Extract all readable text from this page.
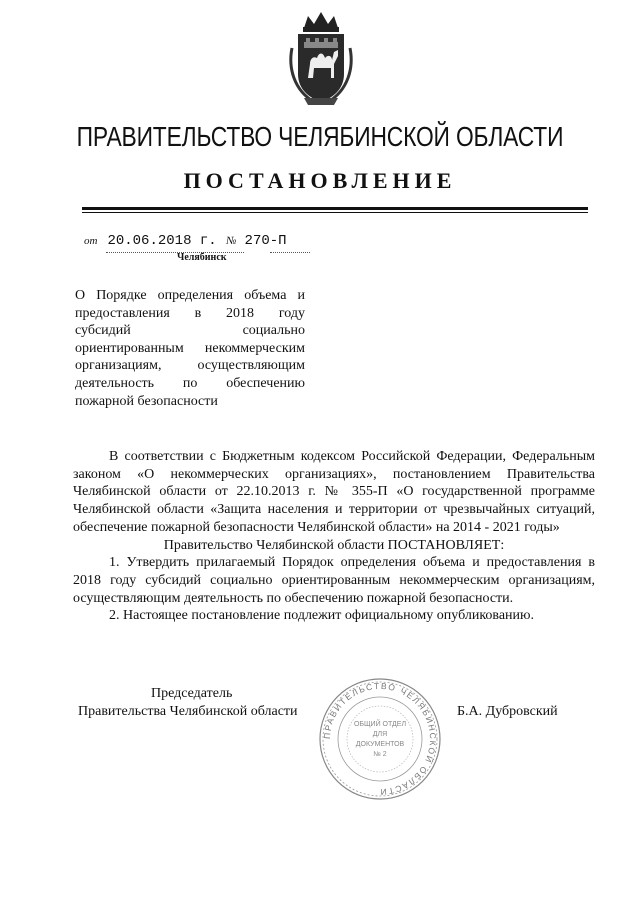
ПРАВИТЕЛЬСТВО ЧЕЛЯБИНСКОЙ ОБЛАСТИ
ПОСТАНОВЛЕНИЕ
от 20.06.2018 г. № 270-П
Челябинск
О Порядке определения объема и
предоставления в 2018 году
субсидий социально
ориентированным некоммерческим
организациям, осуществляющим
деятельность по обеспечению
пожарной безопасности

В соответствии с Бюджетным кодексом Российской Федерации, Федеральным законом «О некоммерческих организациях», постановлением Правительства Челябинской области от 22.10.2013 г. № 355-П «О государственной программе Челябинской области «Защита населения и территории от чрезвычайных ситуаций, обеспечение пожарной безопасности Челябинской области» на 2014 - 2021 годы»

Правительство Челябинской области ПОСТАНОВЛЯЕТ:

1. Утвердить прилагаемый Порядок определения объема и предоставления в 2018 году субсидий социально ориентированным некоммерческим организациям, осуществляющим деятельность по обеспечению пожарной безопасности.

2. Настоящее постановление подлежит официальному опубликованию.

Председатель
Правительства Челябинской области	Б.А. Дубровский
ПРАВИТЕЛЬСТВО ЧЕЛЯБИНСКОЙ ОБЛАСТИ
ОБЩИЙ ОТДЕЛ
ДЛЯ
ДОКУМЕНТОВ
№ 2
